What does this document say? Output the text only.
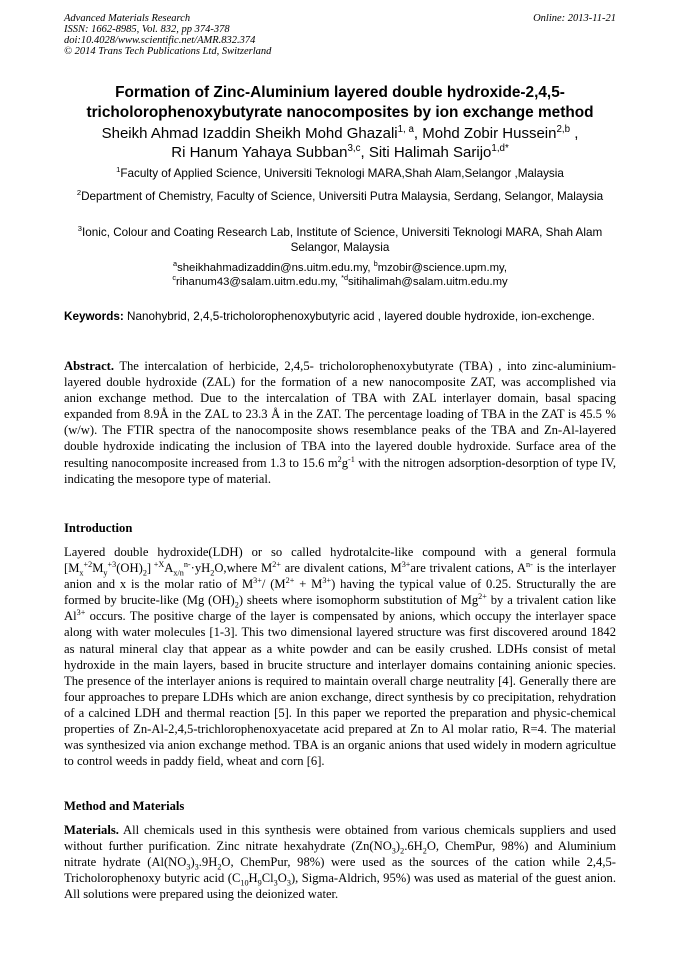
Advanced Materials Research
ISSN: 1662-8985, Vol. 832, pp 374-378
doi:10.4028/www.scientific.net/AMR.832.374
© 2014 Trans Tech Publications Ltd, Switzerland
Online: 2013-11-21
Formation of Zinc-Aluminium layered double hydroxide-2,4,5-
tricholorophenoxybutyrate nanocomposites by ion exchange method
Sheikh Ahmad Izaddin Sheikh Mohd Ghazali$^{1, a}$, Mohd Zobir Hussein$^{2,b}$ ,
Ri Hanum Yahaya Subban$^{3,c}$, Siti Halimah Sarijo$^{1,d*}$
$^1$Faculty of Applied Science, Universiti Teknologi MARA,Shah Alam,Selangor ,Malaysia
$^2$Department of Chemistry, Faculty of Science, Universiti Putra Malaysia, Serdang, Selangor, Malaysia
$^3$Ionic, Colour and Coating Research Lab, Institute of Science, Universiti Teknologi MARA, Shah Alam Selangor, Malaysia
$^a$sheikhahmadizaddin@ns.uitm.edu.my, $^b$mzobir@science.upm.my,
$^c$rihanum43@salam.uitm.edu.my, $^{*d}$sitihalimah@salam.uitm.edu.my
Keywords: Nanohybrid, 2,4,5-tricholorophenoxybutyric acid , layered double hydroxide, ion-exchenge.
Abstract. The intercalation of herbicide, 2,4,5- tricholorophenoxybutyrate (TBA) , into zinc-aluminium-layered double hydroxide (ZAL) for the formation of a new nanocomposite ZAT, was accomplished via anion exchange method. Due to the intercalation of TBA with ZAL interlayer domain, basal spacing expanded from 8.9Å in the ZAL to 23.3 Å in the ZAT. The percentage loading of TBA in the ZAT is 45.5 % (w/w). The FTIR spectra of the nanocomposite shows resemblance peaks of the TBA and Zn-Al-layered double hydroxide indicating the inclusion of TBA into the layered double hydroxide. Surface area of the resulting nanocomposite increased from 1.3 to 15.6 $m^2g^{-1}$ with the nitrogen adsorption-desorption of type IV, indicating the mesopore type of material.
Introduction
Layered double hydroxide(LDH) or so called hydrotalcite-like compound with a general formula $[M_x^{+2}M_y^{+3}(OH)_2]$ $^{+X}A_{x/n}^{n-}\cdot yH_2O,where$ $M^{2+}$ are divalent cations, $M^{3+}are$ trivalent cations, $A^{n-}$ is the interlayer anion and x is the molar ratio of $M^{3+}/$ $(M^{2+} + M^{3+})$ having the typical value of 0.25. Structurally the are formed by brucite-like (Mg $(OH)_2$) sheets where isomophorm substitution of $Mg^{2+}$ by a trivalent cation like $Al^{3+}$ occurs. The positive charge of the layer is compensated by anions, which occupy the interlayer space along with water molecules [1-3]. This two dimensional layered structure was first discovered around 1842 as natural mineral clay that appear as a white powder and can be easily crushed. LDHs consist of metal hydroxide in the main layers, based in brucite structure and interlayer domains containing anionic species. The presence of the interlayer anions is required to maintain overall charge neutrality [4]. Generally there are four approaches to prepare LDHs which are anion exchange, direct synthesis by co precipitation, rehydration of a calcined LDH and thermal reaction [5]. In this paper we reported the preparation and physic-chemical properties of Zn-Al-2,4,5-trichlorophenoxyacetate acid prepared at Zn to Al molar ratio, R=4. The material was synthesized via anion exchange method. TBA is an organic anions that used widely in modern agricultue to control weeds in paddy field, wheat and corn [6].
Method and Materials
Materials. All chemicals used in this synthesis were obtained from various chemicals suppliers and used without further purification. Zinc nitrate hexahydrate ($Zn(NO_3)_2.6H_2O$, ChemPur, 98%) and Aluminium nitrate hydrate ($Al(NO_3)_3.9H_2O$, ChemPur, 98%) were used as the sources of the cation while 2,4,5-Tricholorophenoxy butyric acid $(C_{10}H_9Cl_3O_3)$, Sigma-Aldrich, 95%) was used as material of the guest anion. All solutions were prepared using the deionized water.
